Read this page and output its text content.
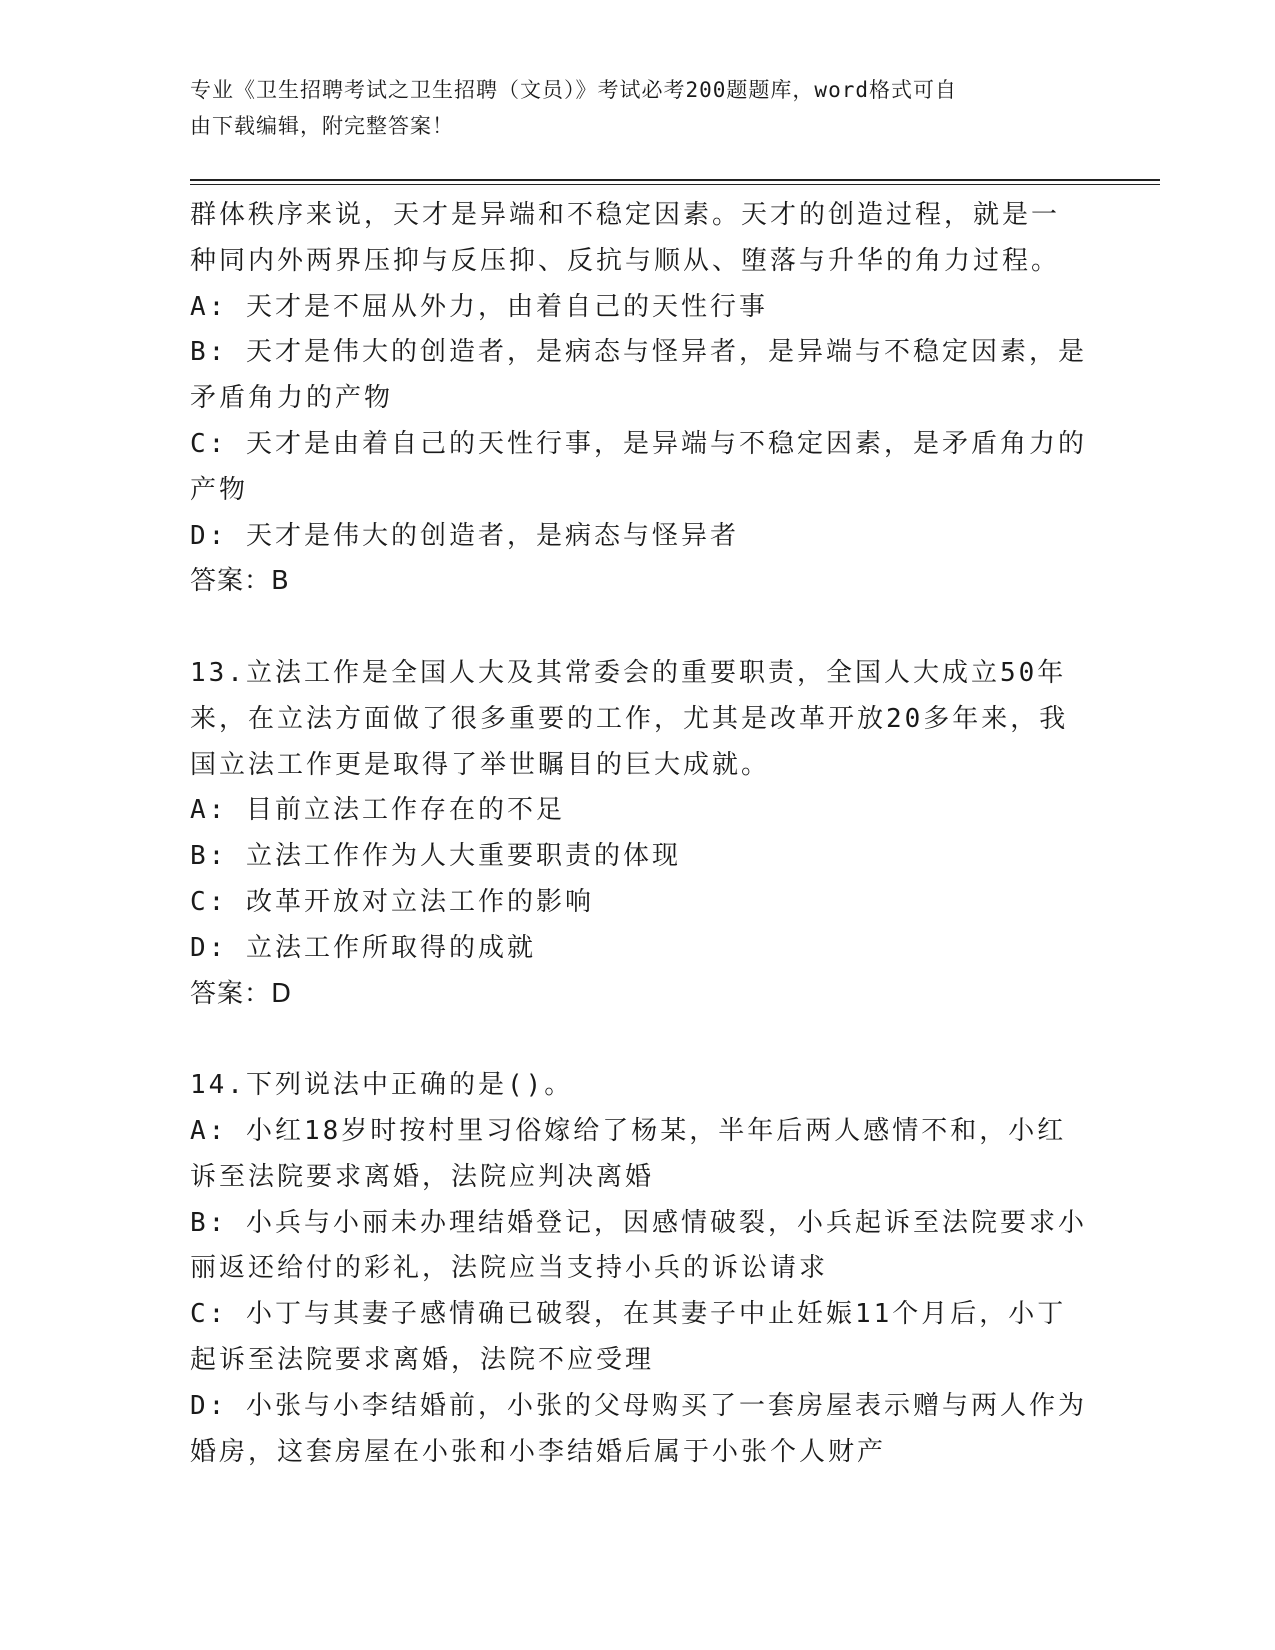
专业《卫生招聘考试之卫生招聘（文员）》考试必考200题题库，word格式可自
由下载编辑，附完整答案！

群体秩序来说，天才是异端和不稳定因素。天才的创造过程，就是一

种同内外两界压抑与反压抑、反抗与顺从、堕落与升华的角力过程。

A: 天才是不屈从外力，由着自己的天性行事

B: 天才是伟大的创造者，是病态与怪异者，是异端与不稳定因素，是

矛盾角力的产物

C: 天才是由着自己的天性行事，是异端与不稳定因素，是矛盾角力的

产物

D: 天才是伟大的创造者，是病态与怪异者

答案：B

13.立法工作是全国人大及其常委会的重要职责，全国人大成立50年

来，在立法方面做了很多重要的工作，尤其是改革开放20多年来，我

国立法工作更是取得了举世瞩目的巨大成就。

A: 目前立法工作存在的不足

B: 立法工作作为人大重要职责的体现

C: 改革开放对立法工作的影响

D: 立法工作所取得的成就

答案：D

14.下列说法中正确的是()。

A: 小红18岁时按村里习俗嫁给了杨某，半年后两人感情不和，小红

诉至法院要求离婚，法院应判决离婚

B: 小兵与小丽未办理结婚登记，因感情破裂，小兵起诉至法院要求小

丽返还给付的彩礼，法院应当支持小兵的诉讼请求

C: 小丁与其妻子感情确已破裂，在其妻子中止妊娠11个月后，小丁

起诉至法院要求离婚，法院不应受理

D: 小张与小李结婚前，小张的父母购买了一套房屋表示赠与两人作为

婚房，这套房屋在小张和小李结婚后属于小张个人财产
